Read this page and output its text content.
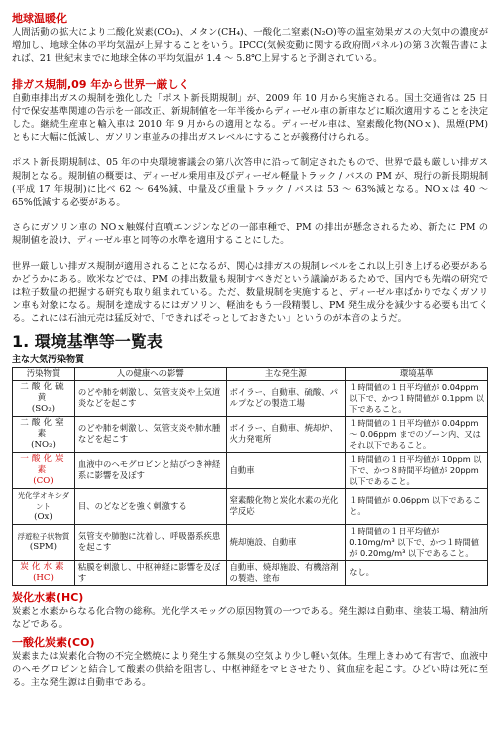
地球温暖化

人間活動の拡大により二酸化炭素(CO₂)、メタン(CH₄)、一酸化二窒素(N₂O)等の温室効果ガスの大気中の濃度が増加し、地球全体の平均気温が上昇することをいう。IPCC(気候変動に関する政府間パネル)の第３次報告書によれば、21 世紀末までに地球全体の平均気温が 1.4 ～ 5.8℃上昇すると予測されている。

排ガス規制,09 年から世界一厳しく

自動車排出ガスの規制を強化した「ポスト新長期規制」が、2009 年 10 月から実施される。国土交通省は 25 日付で保安基準関連の告示を一部改正、新規制値を一年半後からディーゼル車の新車などに順次適用することを決定した。継続生産車と輸入車は 2010 年 9 月からの適用となる。ディーゼル車は、窒素酸化物(NOｘ)、黒煙(PM)ともに大幅に低減し、ガソリン車並みの排出ガスレベルにすることが義務付けられる。

ポスト新長期規制は、05 年の中央環境審議会の第八次答申に沿って制定されたもので、世界で最も厳しい排ガス規制となる。規制値の概要は、ディーゼル乗用車及びディーゼル軽量トラック / バスの PM が、現行の新長期規制(平成 17 年規制)に比べ 62 ～ 64%減、中量及び重量トラック / バスは 53 ～ 63%減となる。NOｘは 40 ～ 65%低減する必要がある。

さらにガソリン車の NOｘ触媒付直噴エンジンなどの一部車種で、PM の排出が懸念されるため、新たに PM の規制値を設け、ディーゼル車と同等の水準を適用することにした。

世界一厳しい排ガス規制が適用されることになるが、関心は排ガスの規制レベルをこれ以上引き上げる必要があるかどうかにある。欧米などでは、PM の排出数量も規制すべきだという議論があるためで、国内でも先端の研究では粒子数量の把握する研究も取り組まれている。ただ、数量規制を実施すると、ディーゼル車ばかりでなくガソリン車も対象になる。規制を達成するにはガソリン、軽油をもう一段精製し、PM 発生成分を減少する必要も出てくる。これには石油元売は猛反対で、「できればそっとしておきたい」というのが本音のようだ。

1. 環境基準等一覧表
主な大気汚染物質
汚染物質	人の健康への影響	主な発生源	環境基準

二酸化硫黄
(SO₂)	のどや肺を刺激し、気管支炎や上気道炎などを起こす	ボイラー、自動車、硫酸、パルプなどの製造工場	１時間値の１日平均値が 0.04ppm 以下で、かつ１時間値が 0.1ppm 以下であること。

二酸化窒素
(NO₂)	のどや肺を刺激し、気管支炎や肺水腫などを起こす	ボイラー、自動車、焼却炉、火力発電所	１時間値の１日平均値が 0.04ppm ～ 0.06ppm までのゾーン内、又はそれ以下であること。

一酸化炭素
(CO)	血液中のヘモグロビンと結びつき神経系に影響を及ぼす	自動車	１時間値の１日平均値が 10ppm 以下で、かつ８時間平均値が 20ppm 以下であること。

光化学オキシダント
(Ox)	目、のどなどを強く刺激する	窒素酸化物と炭化水素の光化学反応	１時間値が 0.06ppm 以下であること。

浮遊粒子状物質
(SPM)	気管支や肺胞に沈着し、呼吸器系疾患を起こす	焼却施設、自動車	１時間値の１日平均値が 0.10mg/m³ 以下で、かつ１時間値が 0.20mg/m³ 以下であること。

炭化水素
(HC)	粘膜を刺激し、中枢神経に影響を及ぼす	自動車、焼却施設、有機溶剤の製造、塗布	なし。
炭化水素(HC)

炭素と水素からなる化合物の総称。光化学スモッグの原因物質の一つである。発生源は自動車、塗装工場、精油所などである。

一酸化炭素(CO)

炭素または炭素化合物の不完全燃焼により発生する無臭の空気より少し軽い気体。生理上きわめて有害で、血液中のヘモグロビンと結合して酸素の供給を阻害し、中枢神経をマヒさせたり、貧血症を起こす。ひどい時は死に至る。主な発生源は自動車である。
